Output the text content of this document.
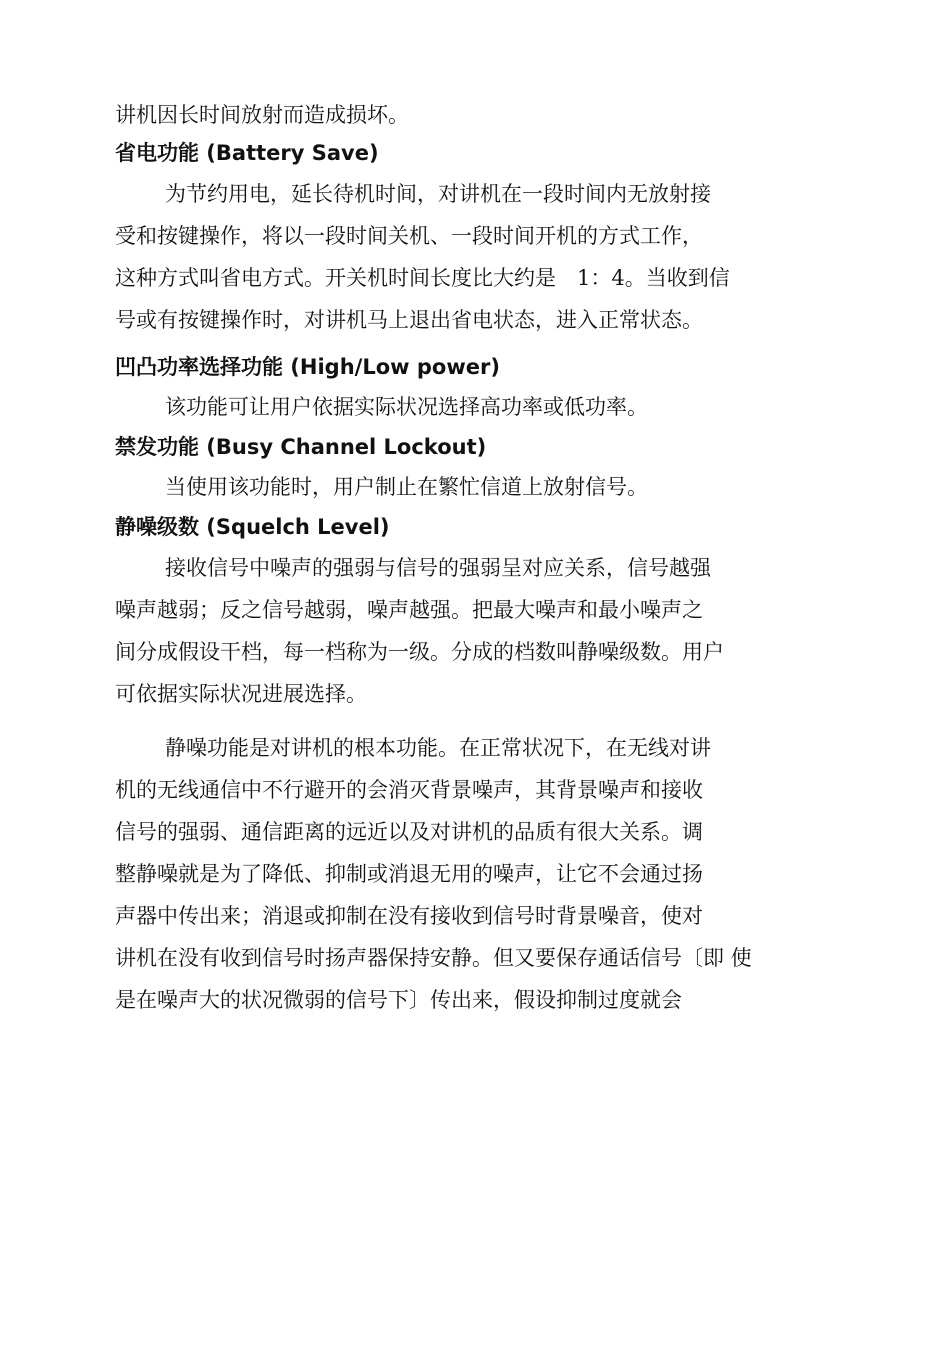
讲机因长时间放射而造成损坏。
省电功能 (Battery Save)
为节约用电，延长待机时间，对讲机在一段时间内无放射接
受和按键操作，将以一段时间关机、一段时间开机的方式工作，
这种方式叫省电方式。开关机时间长度比大约是　1：4。当收到信
号或有按键操作时，对讲机马上退出省电状态，进入正常状态。
凹凸功率选择功能 (High/Low power)
该功能可让用户依据实际状况选择高功率或低功率。
禁发功能 (Busy Channel Lockout)
当使用该功能时，用户制止在繁忙信道上放射信号。
静噪级数 (Squelch Level)
接收信号中噪声的强弱与信号的强弱呈对应关系，信号越强
噪声越弱；反之信号越弱，噪声越强。把最大噪声和最小噪声之
间分成假设干档，每一档称为一级。分成的档数叫静噪级数。用户
可依据实际状况进展选择。
静噪功能是对讲机的根本功能。在正常状况下，在无线对讲
机的无线通信中不行避开的会消灭背景噪声，其背景噪声和接收
信号的强弱、通信距离的远近以及对讲机的品质有很大关系。调
整静噪就是为了降低、抑制或消退无用的噪声，让它不会通过扬
声器中传出来；消退或抑制在没有接收到信号时背景噪音，使对
讲机在没有收到信号时扬声器保持安静。但又要保存通话信号〔即 使
是在噪声大的状况微弱的信号下〕传出来，假设抑制过度就会
